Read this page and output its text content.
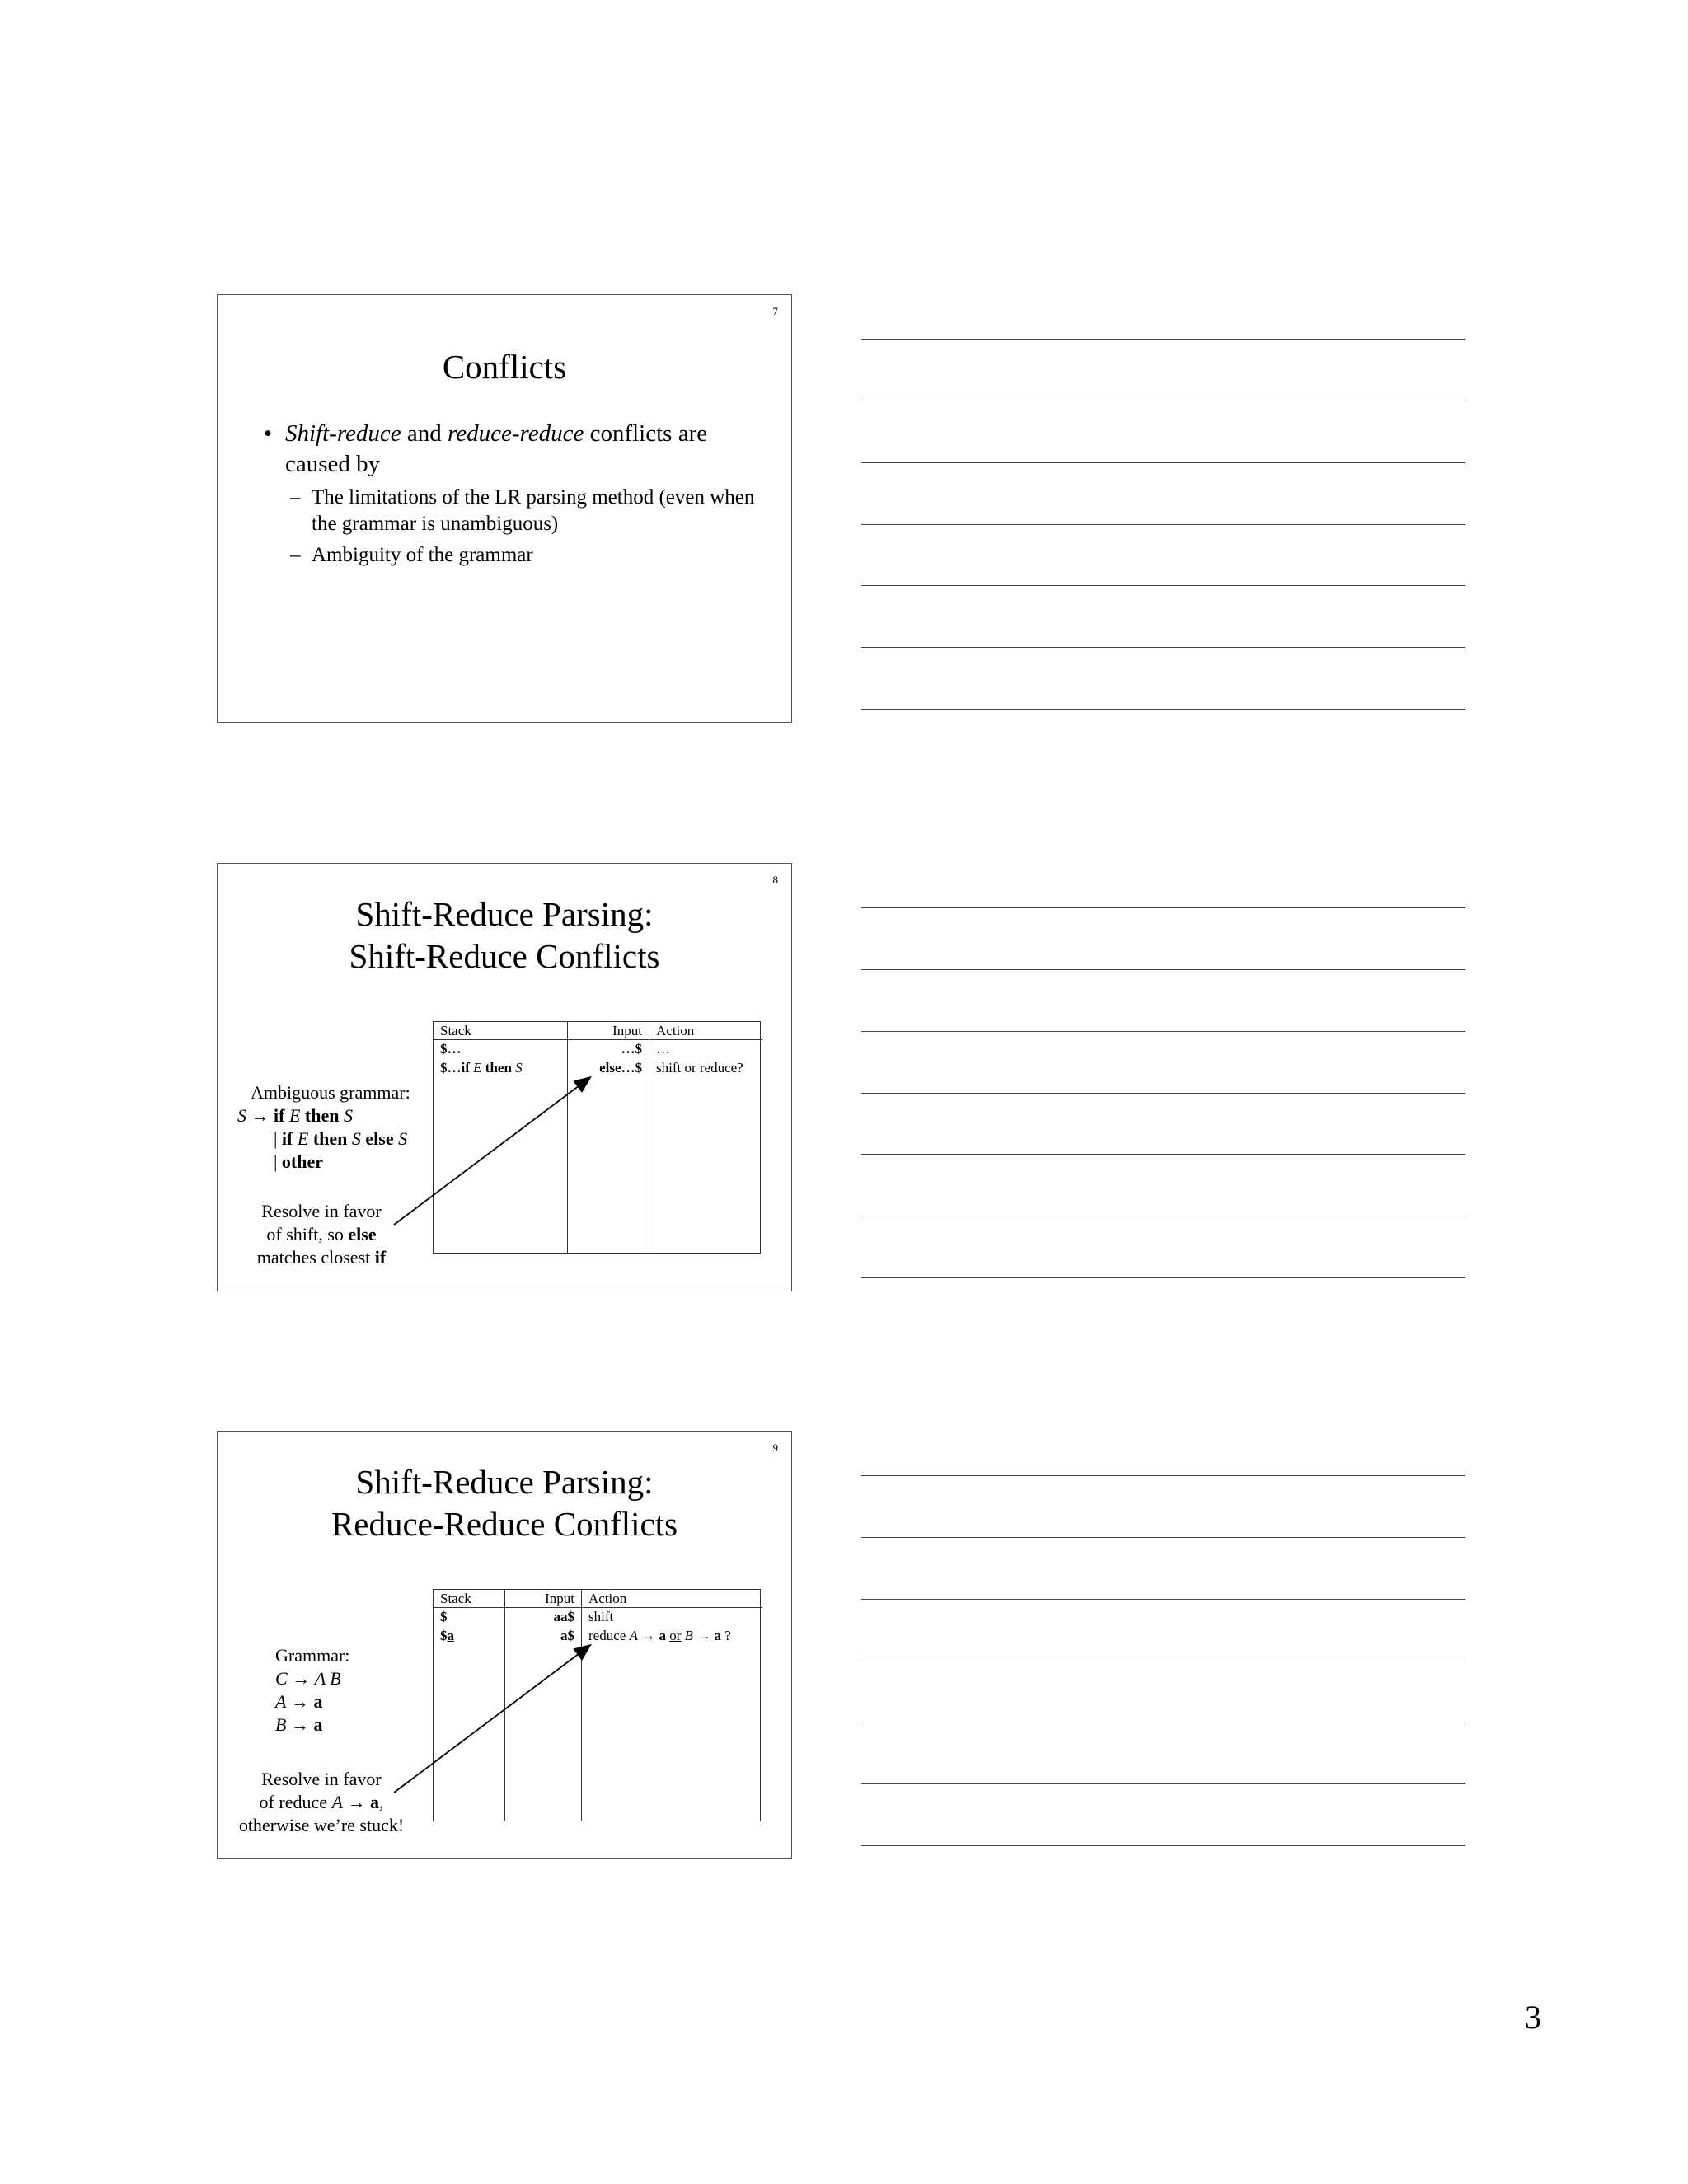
7
Conflicts
• Shift-reduce and reduce-reduce conflicts are caused by
– The limitations of the LR parsing method (even when the grammar is unambiguous)
– Ambiguity of the grammar
8
Shift-Reduce Parsing:
Shift-Reduce Conflicts
Stack
$…
$…if E then S
Input
…$
else…$
Action
…
shift or reduce?
Ambiguous grammar:
S → if E then S
| if E then S else S
| other
Resolve in favor
of shift, so else
matches closest if
9
Shift-Reduce Parsing:
Reduce-Reduce Conflicts
Stack
$
$a
Input
aa$
a$
Action
shift
reduce A → a or B → a ?
Grammar:
C → A B
A → a
B → a
Resolve in favor
of reduce A → a,
otherwise we’re stuck!
3
